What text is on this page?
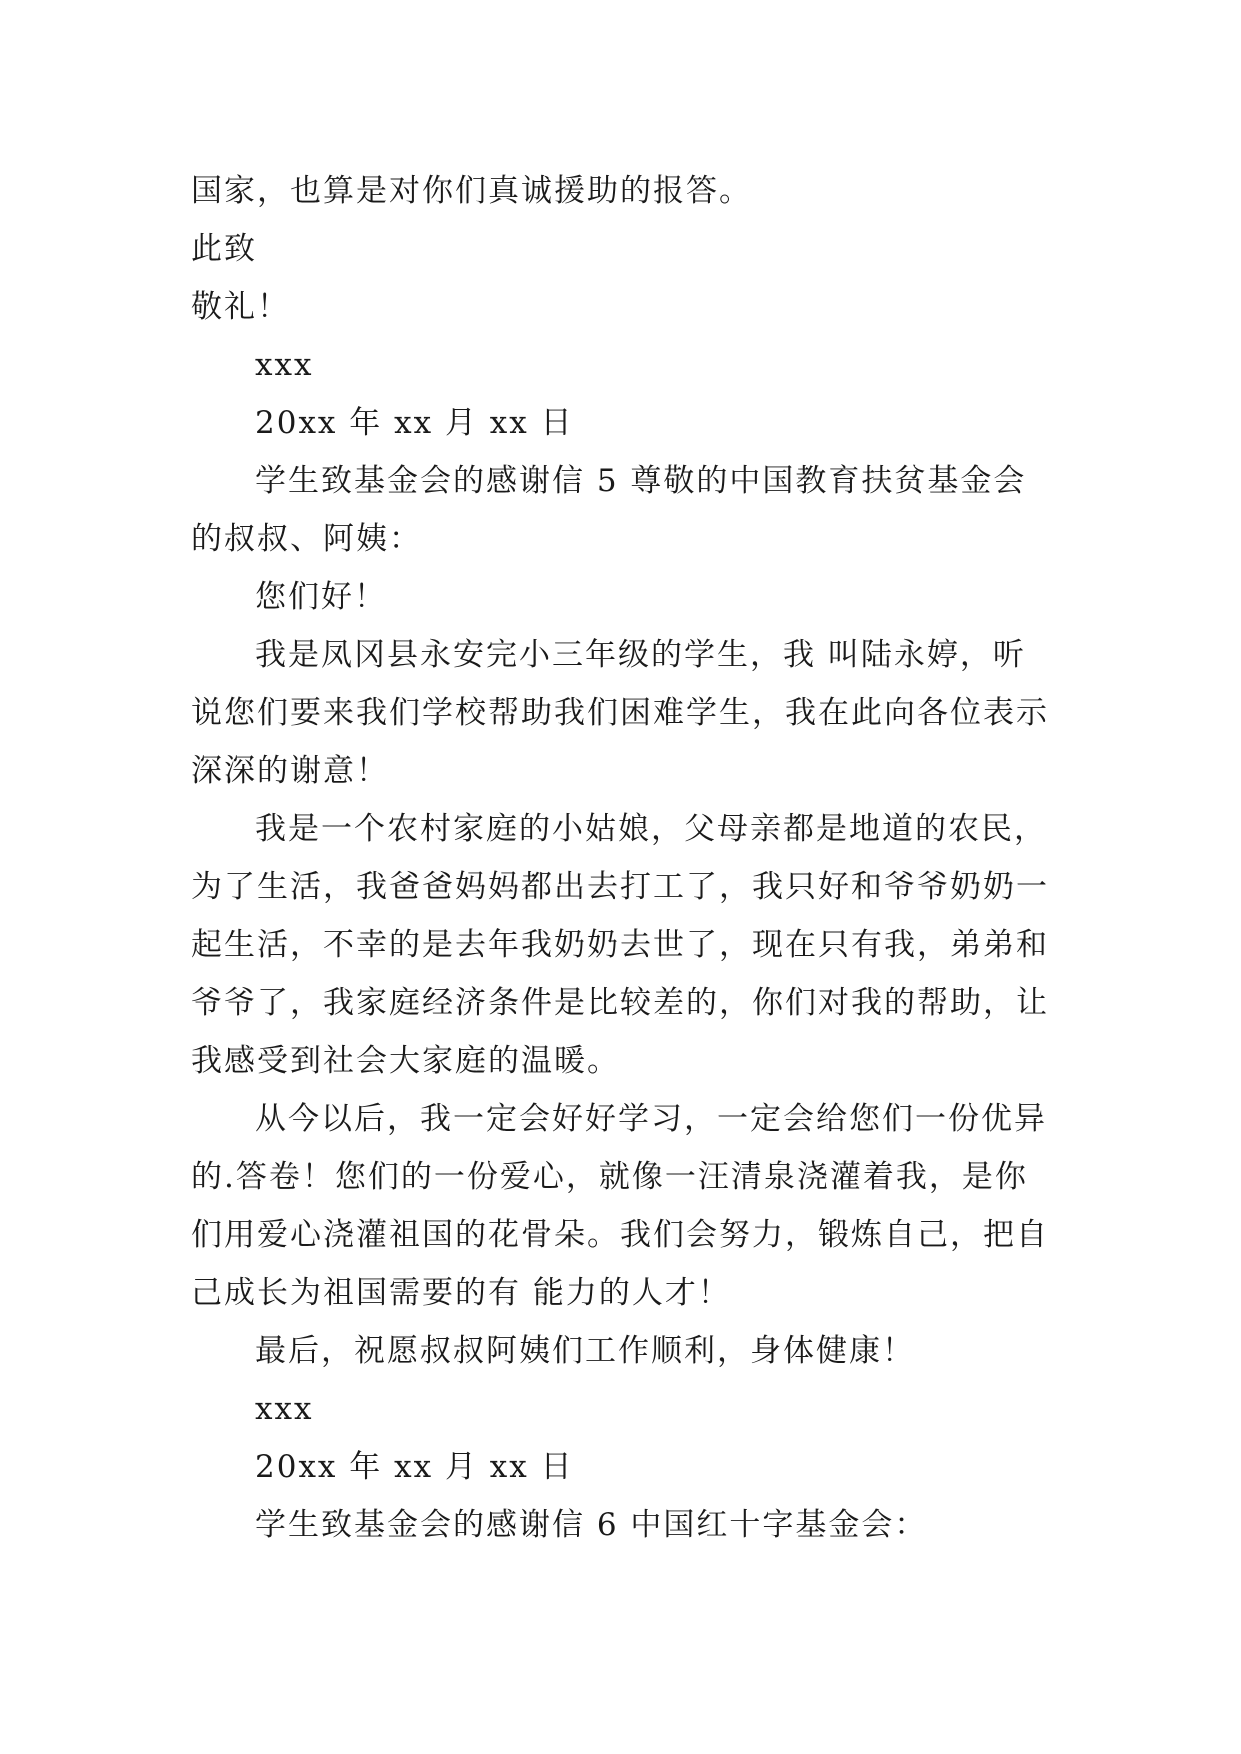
国家，也算是对你们真诚援助的报答。
此致
敬礼！
xxx
20xx 年 xx 月 xx 日
学生致基金会的感谢信 5 尊敬的中国教育扶贫基金会
的叔叔、阿姨：
您们好！
我是凤冈县永安完小三年级的学生，我 叫陆永婷，听
说您们要来我们学校帮助我们困难学生，我在此向各位表示
深深的谢意！
我是一个农村家庭的小姑娘，父母亲都是地道的农民，
为了生活，我爸爸妈妈都出去打工了，我只好和爷爷奶奶一
起生活，不幸的是去年我奶奶去世了，现在只有我，弟弟和
爷爷了，我家庭经济条件是比较差的，你们对我的帮助，让
我感受到社会大家庭的温暖。
从今以后，我一定会好好学习，一定会给您们一份优异
的.答卷！您们的一份爱心，就像一汪清泉浇灌着我，是你
们用爱心浇灌祖国的花骨朵。我们会努力，锻炼自己，把自
己成长为祖国需要的有 能力的人才！
最后，祝愿叔叔阿姨们工作顺利，身体健康！
xxx
20xx 年 xx 月 xx 日
学生致基金会的感谢信 6 中国红十字基金会：
